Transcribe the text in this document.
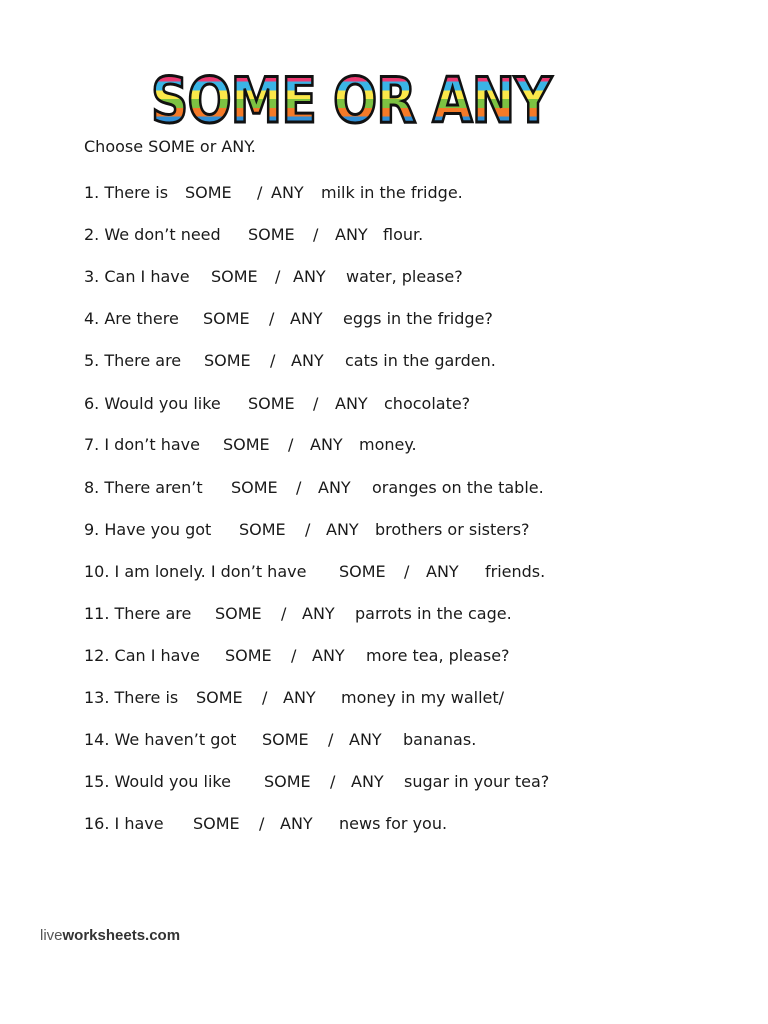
SOME OR ANY
Choose SOME or ANY.
1. There is SOME / ANY milk in the fridge.
2. We don’t need SOME / ANY flour.
3. Can I have SOME / ANY water, please?
4. Are there SOME / ANY eggs in the fridge?
5. There are SOME / ANY cats in the garden.
6. Would you like SOME / ANY chocolate?
7. I don’t have SOME / ANY money.
8. There aren’t SOME / ANY oranges on the table.
9. Have you got SOME / ANY brothers or sisters?
10. I am lonely. I don’t have SOME / ANY friends.
11. There are SOME / ANY parrots in the cage.
12. Can I have SOME / ANY more tea, please?
13. There is SOME / ANY money in my wallet/
14. We haven’t got SOME / ANY bananas.
15. Would you like SOME / ANY sugar in your tea?
16. I have SOME / ANY news for you.
liveworksheets.com
